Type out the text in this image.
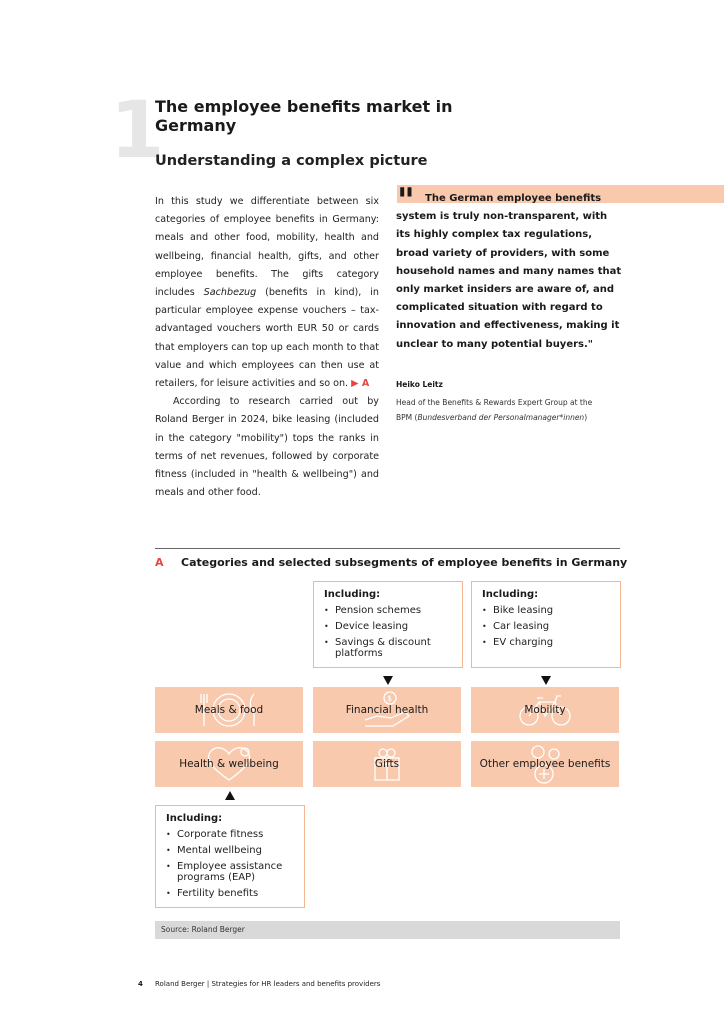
1
The employee benefits market in Germany
Understanding a complex picture

In this study we differentiate between six categories of employee benefits in Germany: meals and other food, mobility, health and wellbeing, financial health, gifts, and other employee benefits. The gifts category includes Sachbezug (benefits in kind), in particular employee expense vouchers – tax-advantaged vouchers worth EUR 50 or cards that employers can top up each month to that value and which employees can then use at retailers, for leisure activities and so on. ▶ A

According to research carried out by Roland Berger in 2024, bike leasing (included in the category "mobility") tops the ranks in terms of net revenues, followed by corporate fitness (included in "health & wellbeing") and meals and other food.

"	The German employee benefits
system is truly non-transparent, with its highly complex tax regulations, broad variety of providers, with some household names and many names that only market insiders are aware of, and complicated situation with regard to innovation and effectiveness, making it unclear to many potential buyers."
Heiko Leitz
Head of the Benefits & Rewards Expert Group at the BPM (Bundesverband der Personalmanager*innen)
A Categories and selected subsegments of employee benefits in Germany
Including:
• Pension schemes
• Device leasing
• Savings & discount platforms
Including:
• Bike leasing
• Car leasing
• EV charging
Meals & food
$
Financial health	Mobility
Health & wellbeing	Gifts	Other employee benefits
Including:
• Corporate fitness
• Mental wellbeing
• Employee assistance programs (EAP)
• Fertility benefits
Source: Roland Berger
4 Roland Berger | Strategies for HR leaders and benefits providers
